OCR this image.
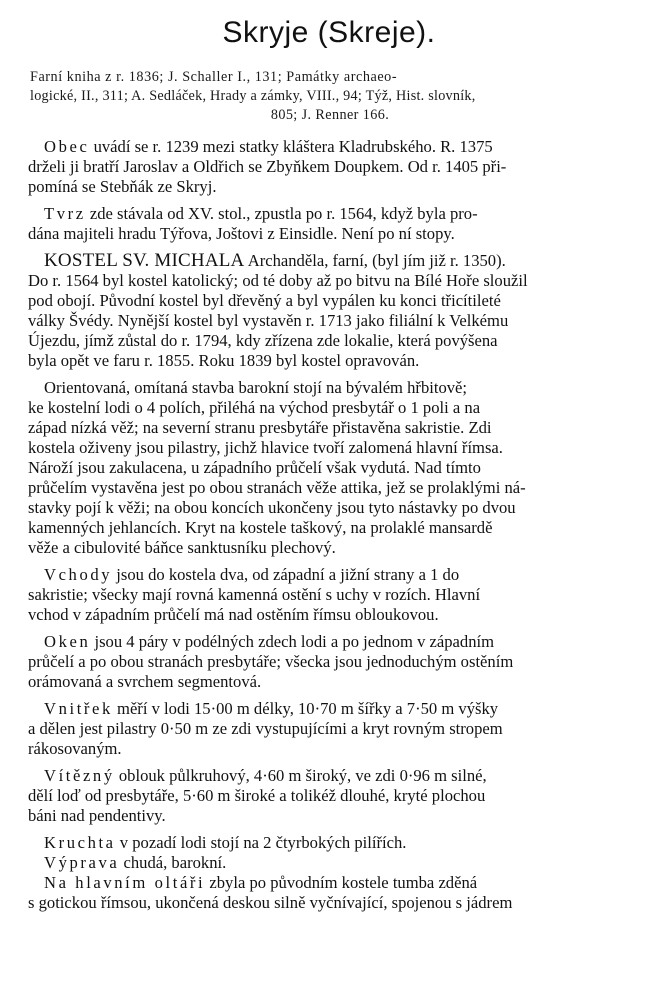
Skryje (Skreje).
Farní kniha z r. 1836; J. Schaller I., 131; Památky archaeo-
logické, II., 311; A. Sedláček, Hrady a zámky, VIII., 94; Týž, Hist. slovník,
805; J. Renner 166.
Obec uvádí se r. 1239 mezi statky kláštera Kladrubského. R. 1375
drželi ji bratří Jaroslav a Oldřich se Zbyňkem Doupkem. Od r. 1405 při-
pomíná se Stebňák ze Skryj.
Tvrz zde stávala od XV. stol., zpustla po r. 1564, když byla pro-
dána majiteli hradu Týřova, Joštovi z Einsidle. Není po ní stopy.
KOSTEL SV. MICHALA Archanděla, farní, (byl jím již r. 1350).
Do r. 1564 byl kostel katolický; od té doby až po bitvu na Bílé Hoře sloužil
pod obojí. Původní kostel byl dřevěný a byl vypálen ku konci třicítileté
války Švédy. Nynější kostel byl vystavěn r. 1713 jako filiální k Velkému
Újezdu, jímž zůstal do r. 1794, kdy zřízena zde lokalie, která povýšena
byla opět ve faru r. 1855. Roku 1839 byl kostel opravován.
Orientovaná, omítaná stavba barokní stojí na bývalém hřbitově;
ke kostelní lodi o 4 polích, přiléhá na východ presbytář o 1 poli a na
západ nízká věž; na severní stranu presbytáře přistavěna sakristie. Zdi
kostela oživeny jsou pilastry, jichž hlavice tvoří zalomená hlavní římsa.
Nároží jsou zakulacena, u západního průčelí však vydutá. Nad tímto
průčelím vystavěna jest po obou stranách věže attika, jež se prolaklými ná-
stavky pojí k věži; na obou koncích ukončeny jsou tyto nástavky po dvou
kamenných jehlancích. Kryt na kostele taškový, na prolaklé mansardě
věže a cibulovité báňce sanktusníku plechový.
Vchody jsou do kostela dva, od západní a jižní strany a 1 do
sakristie; všecky mají rovná kamenná ostění s uchy v rozích. Hlavní
vchod v západním průčelí má nad ostěním římsu obloukovou.
Oken jsou 4 páry v podélných zdech lodi a po jednom v západním
průčelí a po obou stranách presbytáře; všecka jsou jednoduchým ostěním
orámovaná a svrchem segmentová.
Vnitřek měří v lodi 15·00 m délky, 10·70 m šířky a 7·50 m výšky
a dělen jest pilastry 0·50 m ze zdi vystupujícími a kryt rovným stropem
rákosovaným.
Vítězný oblouk půlkruhový, 4·60 m široký, ve zdi 0·96 m silné,
dělí loď od presbytáře, 5·60 m široké a tolikéž dlouhé, kryté plochou
báni nad pendentivy.
Kruchta v pozadí lodi stojí na 2 čtyrbokých pilířích.
Výprava chudá, barokní.
Na hlavním oltáři zbyla po původním kostele tumba zděná
s gotickou římsou, ukončená deskou silně vyčnívající, spojenou s jádrem
